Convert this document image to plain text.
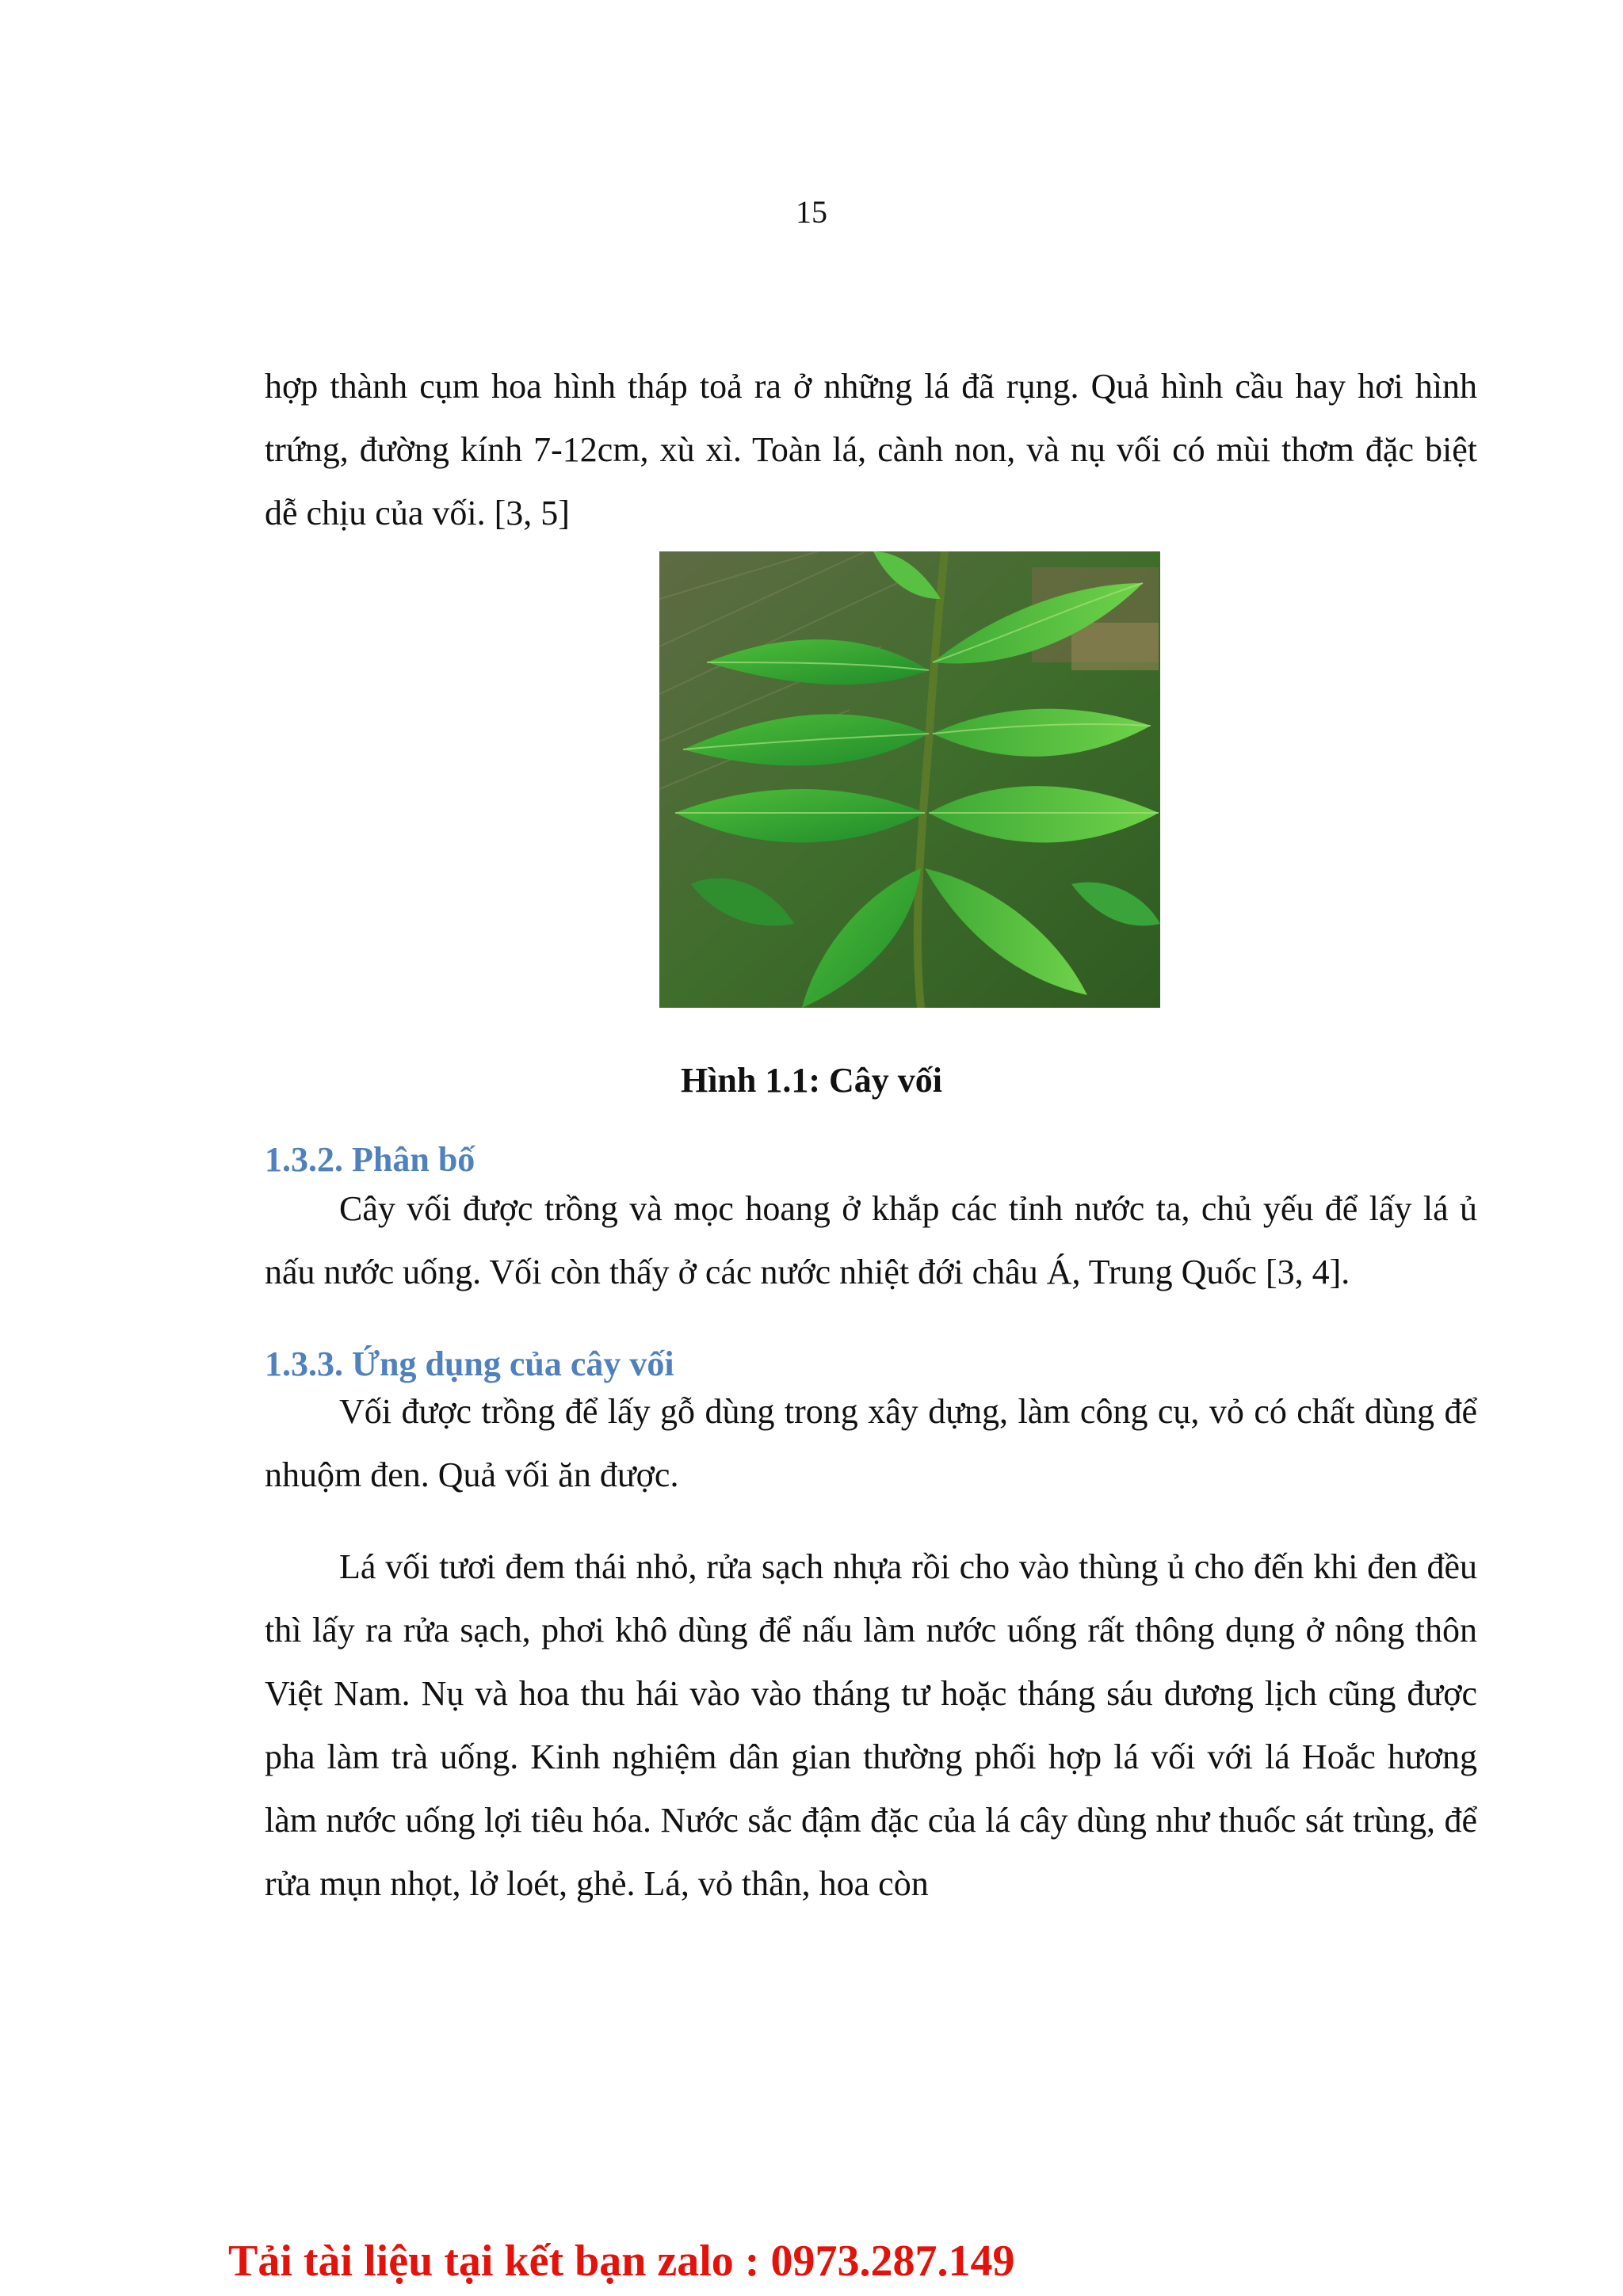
15

hợp thành cụm hoa hình tháp toả ra ở những lá đã rụng. Quả hình cầu hay hơi hình trứng, đường kính 7-12cm, xù xì. Toàn lá, cành non, và nụ vối có mùi thơm đặc biệt dễ chịu của vối. [3, 5]

Hình 1.1: Cây vối
1.3.2. Phân bố

Cây vối được trồng và mọc hoang ở khắp các tỉnh nước ta, chủ yếu để lấy lá ủ nấu nước uống. Vối còn thấy ở các nước nhiệt đới châu Á, Trung Quốc [3, 4].

1.3.3. Ứng dụng của cây vối

Vối được trồng để lấy gỗ dùng trong xây dựng, làm công cụ, vỏ có chất dùng để nhuộm đen. Quả vối ăn được.

Lá vối tươi đem thái nhỏ, rửa sạch nhựa rồi cho vào thùng ủ cho đến khi đen đều thì lấy ra rửa sạch, phơi khô dùng để nấu làm nước uống rất thông dụng ở nông thôn Việt Nam. Nụ và hoa thu hái vào vào tháng tư hoặc tháng sáu dương lịch cũng được pha làm trà uống. Kinh nghiệm dân gian thường phối hợp lá vối với lá Hoắc hương làm nước uống lợi tiêu hóa. Nước sắc đậm đặc của lá cây dùng như thuốc sát trùng, để rửa mụn nhọt, lở loét, ghẻ. Lá, vỏ thân, hoa còn

Tải tài liệu tại kết bạn zalo : 0973.287.149
